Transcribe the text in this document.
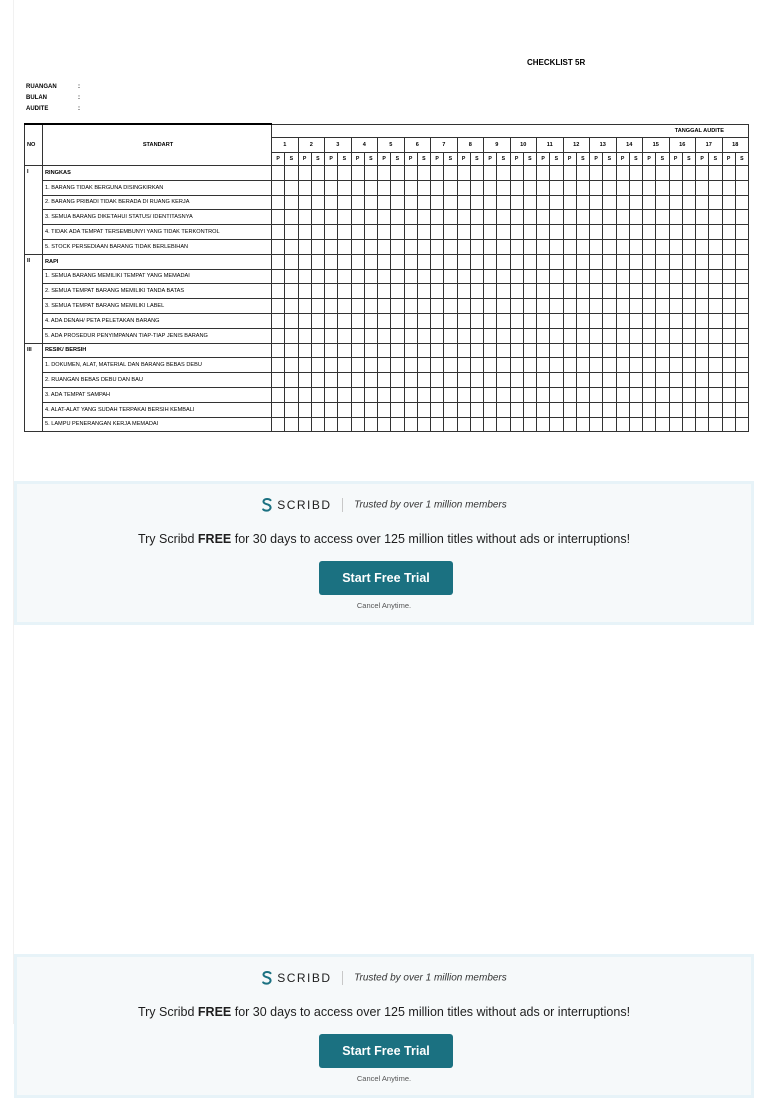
CHECKLIST 5R
RUANGAN	:
BULAN	:
AUDITE	:
NO	STANDART	TANGGAL AUDITE																																			
		1		2		3		4		5		6		7		8		9		10		11		12		13		14		15		16		17		18	
		P	S	P	S	P	S	P	S	P	S	P	S	P	S	P	S	P	S	P	S	P	S	P	S	P	S	P	S	P	S	P	S	P	S	P	S
I	RINGKAS																																				
	1. BARANG TIDAK BERGUNA DISINGKIRKAN																																				
	2. BARANG PRIBADI TIDAK BERADA DI RUANG KERJA																																				
	3. SEMUA BARANG DIKETAHUI STATUS/ IDENTITASNYA																																				
	4. TIDAK ADA TEMPAT TERSEMBUNYI YANG TIDAK TERKONTROL																																				
	5. STOCK PERSEDIAAN BARANG TIDAK BERLEBIHAN																																				
II	RAPI																																				
	1. SEMUA BARANG MEMILIKI TEMPAT YANG MEMADAI																																				
	2. SEMUA TEMPAT BARANG MEMILIKI TANDA BATAS																																				
	3. SEMUA TEMPAT BARANG MEMILIKI LABEL																																				
	4. ADA DENAH/ PETA PELETAKAN BARANG																																				
	5. ADA PROSEDUR PENYIMPANAN TIAP-TIAP JENIS BARANG																																				
III	RESIK/ BERSIH																																				
	1. DOKUMEN, ALAT, MATERIAL DAN BARANG BEBAS DEBU																																				
	2. RUANGAN BEBAS DEBU DAN BAU																																				
	3. ADA TEMPAT SAMPAH																																				
	4. ALAT-ALAT YANG SUDAH TERPAKAI BERSIH KEMBALI																																				
	5. LAMPU PENERANGAN KERJA MEMADAI																																				
SCRIBD Trusted by over 1 million members
Try Scribd FREE for 30 days to access over 125 million titles without ads or interruptions!
Start Free Trial
Cancel Anytime.
SCRIBD Trusted by over 1 million members
Try Scribd FREE for 30 days to access over 125 million titles without ads or interruptions!
Start Free Trial
Cancel Anytime.
